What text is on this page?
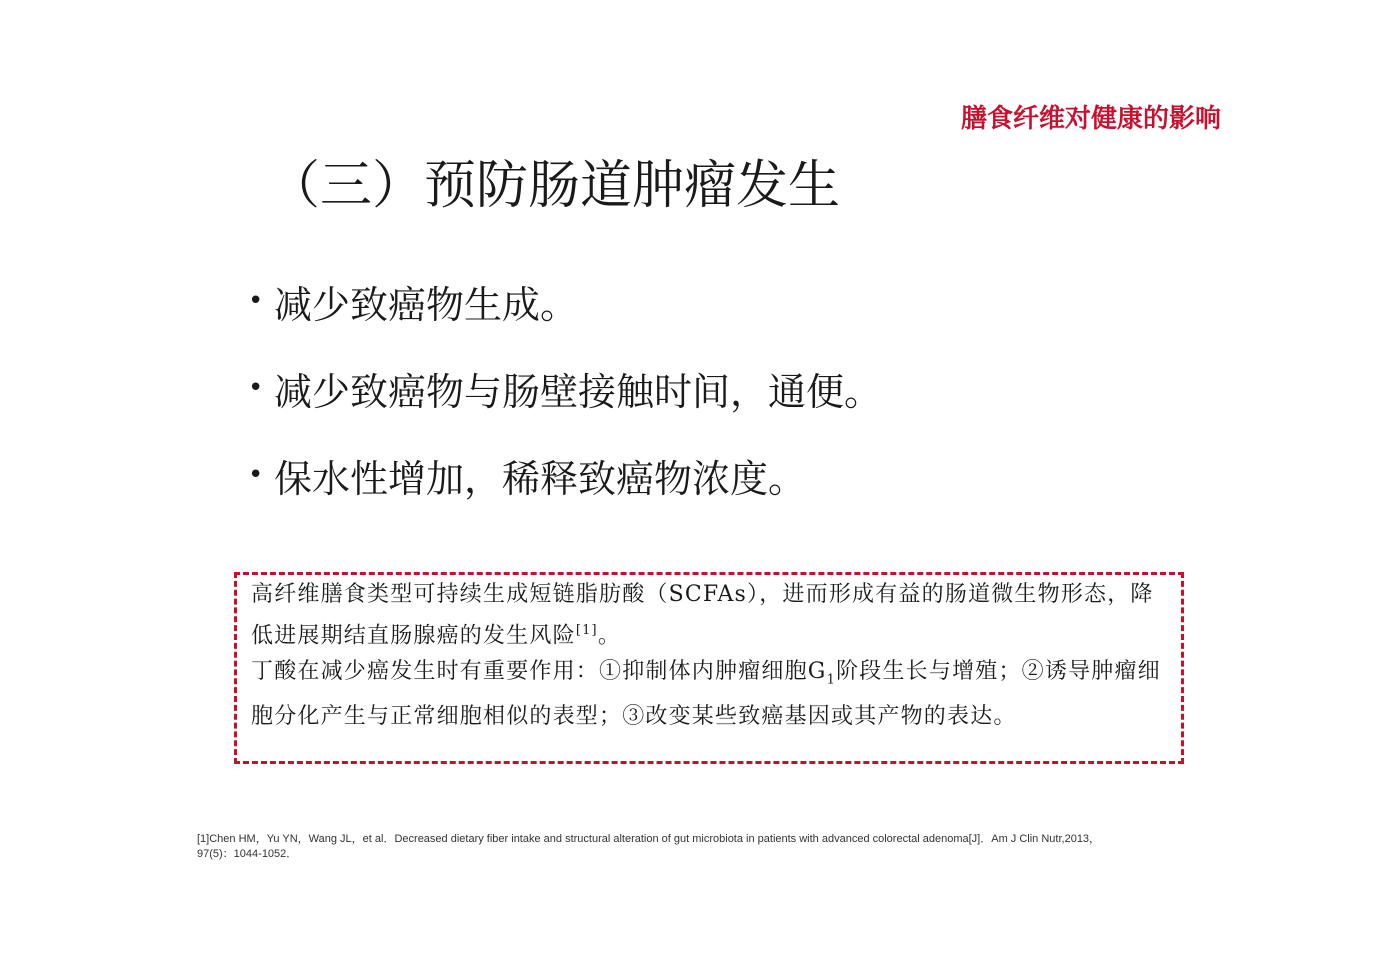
膳食纤维对健康的影响
（三）预防肠道肿瘤发生
• 减少致癌物生成。
• 减少致癌物与肠壁接触时间，通便。
• 保水性增加，稀释致癌物浓度。

高纤维膳食类型可持续生成短链脂肪酸（SCFAs），进而形成有益的肠道微生物形态，降低进展期结直肠腺癌的发生风险[1]。

丁酸在减少癌发生时有重要作用：①抑制体内肿瘤细胞$G_1$阶段生长与增殖；②诱导肿瘤细胞分化产生与正常细胞相似的表型；③改变某些致癌基因或其产物的表达。

[1]Chen HM，Yu YN，Wang JL，et al．Decreased dietary fiber intake and structural alteration of gut microbiota in patients with advanced colorectal adenoma[J]．Am J Clin Nutr,2013，
97(5)：1044-1052．
